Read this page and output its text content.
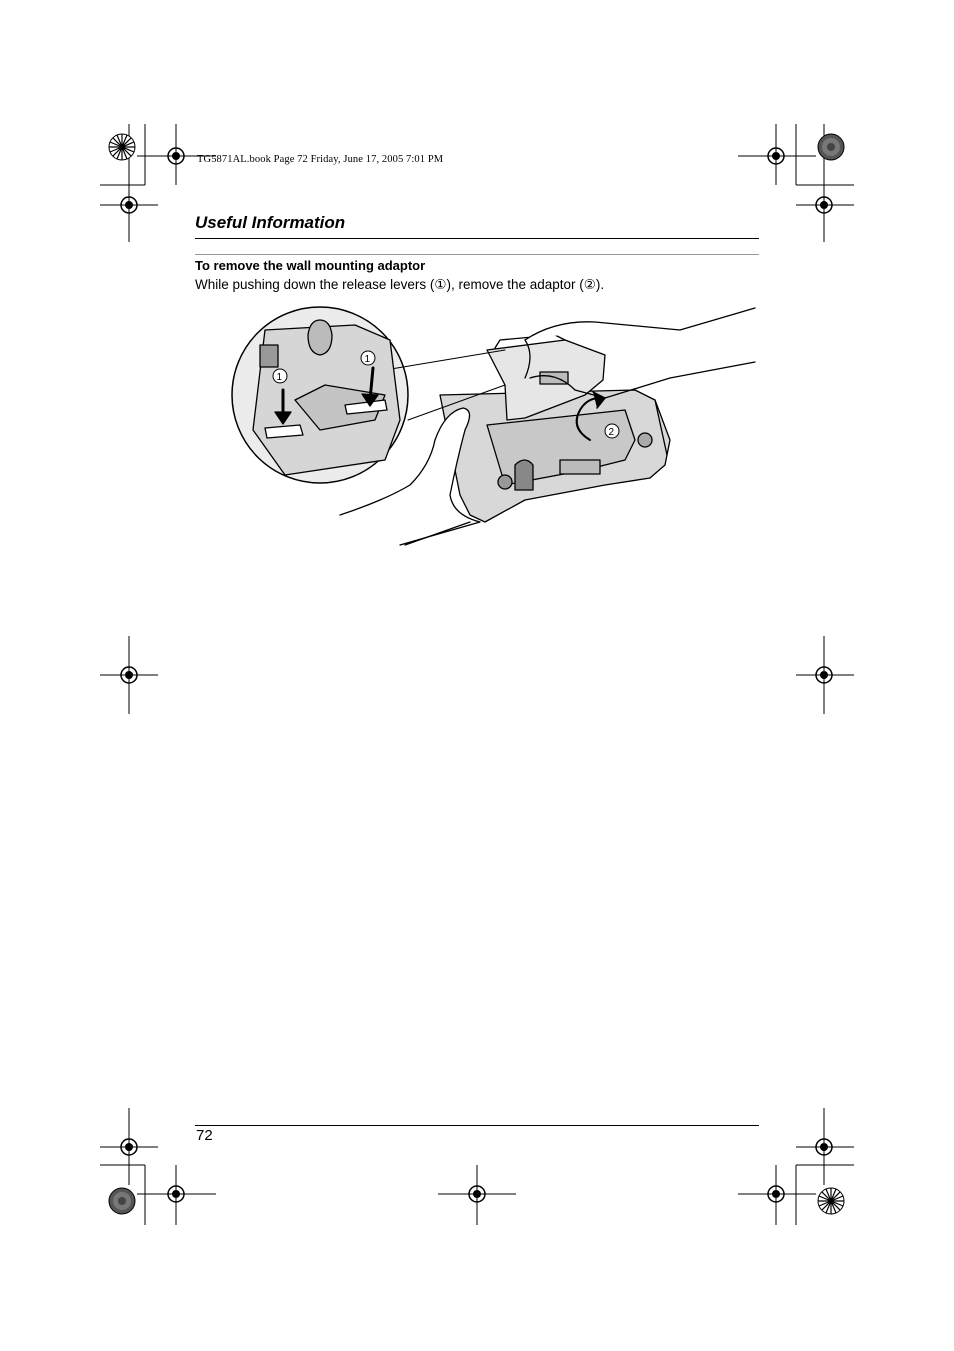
TG5871AL.book Page 72 Friday, June 17, 2005 7:01 PM
Useful Information
To remove the wall mounting adaptor
While pushing down the release levers (①), remove the adaptor (②).
2
1
1
72
